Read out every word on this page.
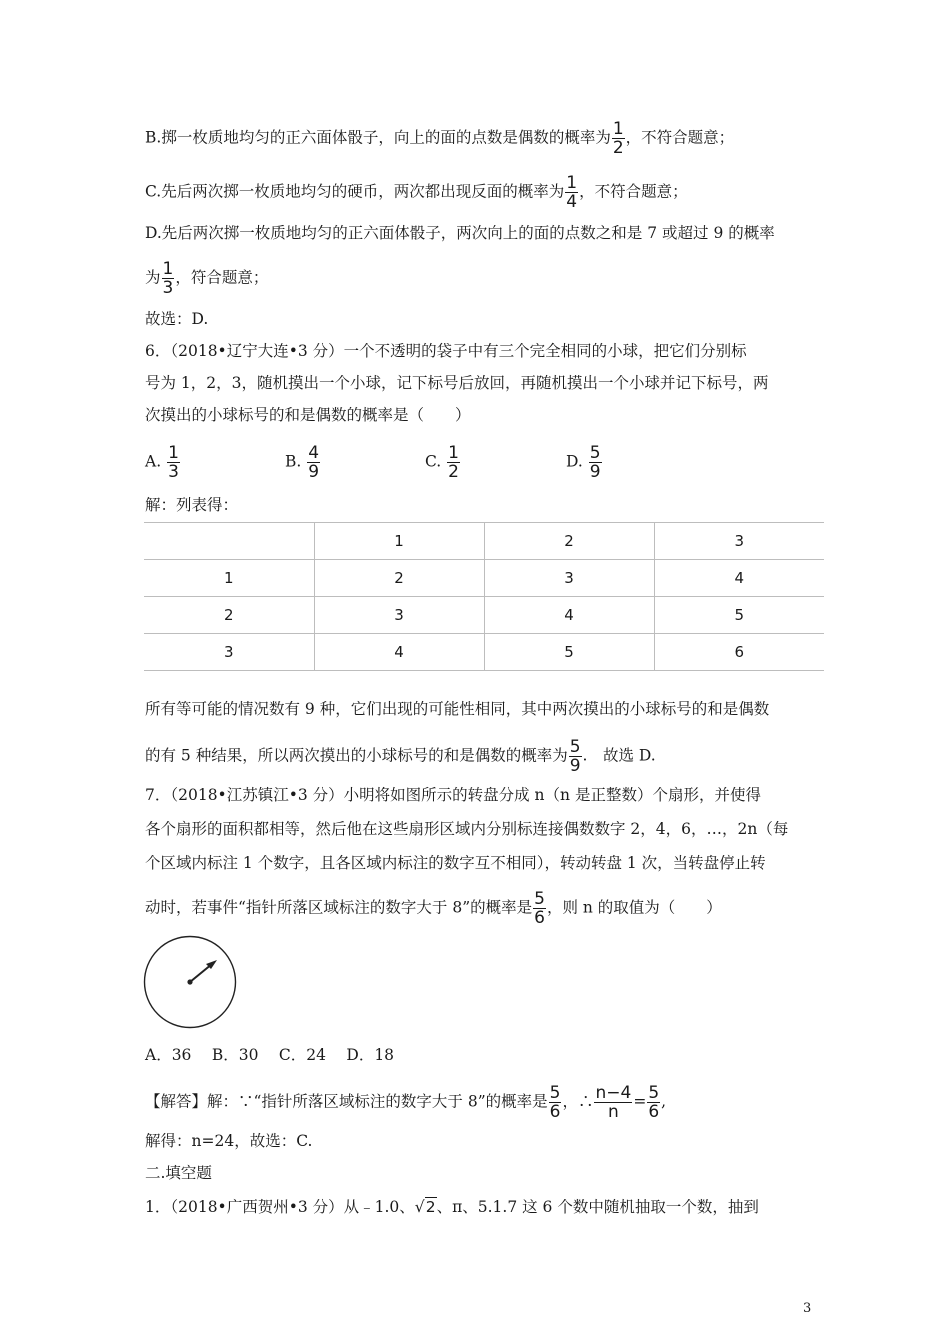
B.掷一枚质地均匀的正六面体骰子，向上的面的点数是偶数的概率为 $\frac{1}{2}$ ，不符合题意；
C.先后两次掷一枚质地均匀的硬币，两次都出现反面的概率为 $\frac{1}{4}$ ，不符合题意；
D.先后两次掷一枚质地均匀的正六面体骰子，两次向上的面的点数之和是 7 或超过 9 的概率
为 $\frac{1}{3}$ ，符合题意；
故选：D.
6．（2018•辽宁大连•3 分）一个不透明的袋子中有三个完全相同的小球，把它们分别标
号为 1，2，3，随机摸出一个小球，记下标号后放回，再随机摸出一个小球并记下标号，两
次摸出的小球标号的和是偶数的概率是（　　）
A. $\frac{1}{3}$	B. $\frac{4}{9}$	C. $\frac{1}{2}$	D. $\frac{5}{9}$
解：列表得：
	1	2	3
1	2	3	4
2	3	4	5
3	4	5	6
所有等可能的情况数有 9 种，它们出现的可能性相同，其中两次摸出的小球标号的和是偶数
的有 5 种结果，所以两次摸出的小球标号的和是偶数的概率为 $\frac{5}{9}$ .　故选 D.
7．（2018•江苏镇江•3 分）小明将如图所示的转盘分成 n（n 是正整数）个扇形，并使得
各个扇形的面积都相等，然后他在这些扇形区域内分别标连接偶数数字 2，4，6，…，2n（每
个区域内标注 1 个数字，且各区域内标注的数字互不相同），转动转盘 1 次，当转盘停止转
动时，若事件“指针所落区域标注的数字大于 8”的概率是 $\frac{5}{6}$ ，则 n 的取值为（　　）
A．36　 B．30　 C．24　 D．18
【解答】解：∵“指针所落区域标注的数字大于 8”的概率是 $\frac{5}{6}$ ，∴ $\frac{n-4}{n} = \frac{5}{6}$ ,
解得：n=24，故选：C.
二.填空题
1．（2018•广西贺州•3 分）从﹣1.0、√2、π、5.1.7 这 6 个数中随机抽取一个数，抽到
3
